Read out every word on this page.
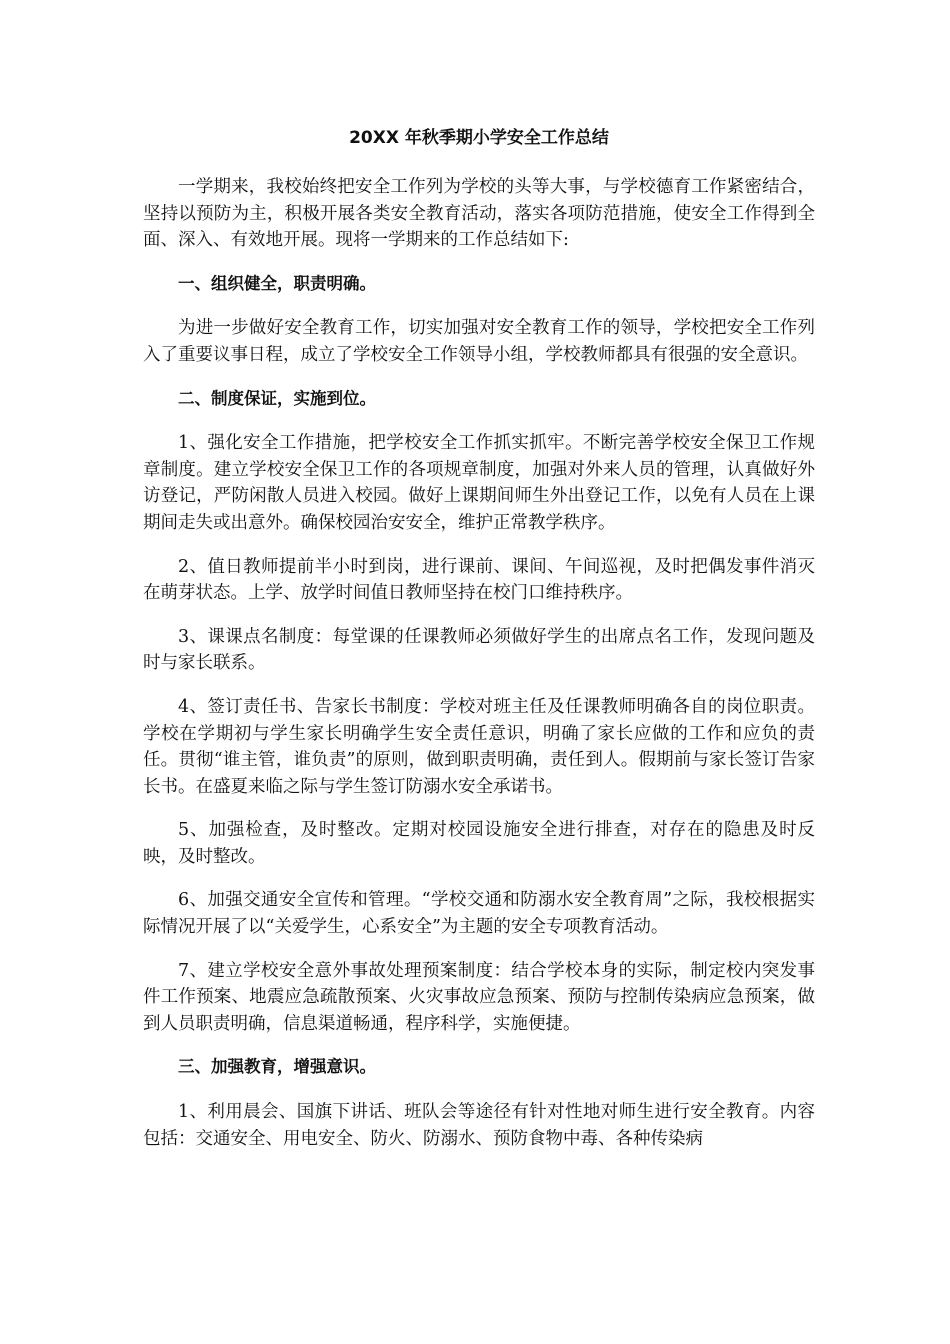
20XX 年秋季期小学安全工作总结

一学期来，我校始终把安全工作列为学校的头等大事，与学校德育工作紧密结合，坚持以预防为主，积极开展各类安全教育活动，落实各项防范措施，使安全工作得到全面、深入、有效地开展。现将一学期来的工作总结如下:

一、组织健全，职责明确。

为进一步做好安全教育工作，切实加强对安全教育工作的领导，学校把安全工作列入了重要议事日程，成立了学校安全工作领导小组，学校教师都具有很强的安全意识。

二、制度保证，实施到位。

1、强化安全工作措施，把学校安全工作抓实抓牢。不断完善学校安全保卫工作规章制度。建立学校安全保卫工作的各项规章制度，加强对外来人员的管理，认真做好外访登记，严防闲散人员进入校园。做好上课期间师生外出登记工作，以免有人员在上课期间走失或出意外。确保校园治安安全，维护正常教学秩序。

2、值日教师提前半小时到岗，进行课前、课间、午间巡视，及时把偶发事件消灭在萌芽状态。上学、放学时间值日教师坚持在校门口维持秩序。

3、课课点名制度：每堂课的任课教师必须做好学生的出席点名工作，发现问题及时与家长联系。

4、签订责任书、告家长书制度：学校对班主任及任课教师明确各自的岗位职责。学校在学期初与学生家长明确学生安全责任意识，明确了家长应做的工作和应负的责任。贯彻“谁主管，谁负责”的原则，做到职责明确，责任到人。假期前与家长签订告家长书。在盛夏来临之际与学生签订防溺水安全承诺书。

5、加强检查，及时整改。定期对校园设施安全进行排查，对存在的隐患及时反映，及时整改。

6、加强交通安全宣传和管理。“学校交通和防溺水安全教育周”之际，我校根据实际情况开展了以“关爱学生，心系安全”为主题的安全专项教育活动。

7、建立学校安全意外事故处理预案制度：结合学校本身的实际，制定校内突发事件工作预案、地震应急疏散预案、火灾事故应急预案、预防与控制传染病应急预案，做到人员职责明确，信息渠道畅通，程序科学，实施便捷。

三、加强教育，增强意识。

1、利用晨会、国旗下讲话、班队会等途径有针对性地对师生进行安全教育。内容包括：交通安全、用电安全、防火、防溺水、预防食物中毒、各种传染病
